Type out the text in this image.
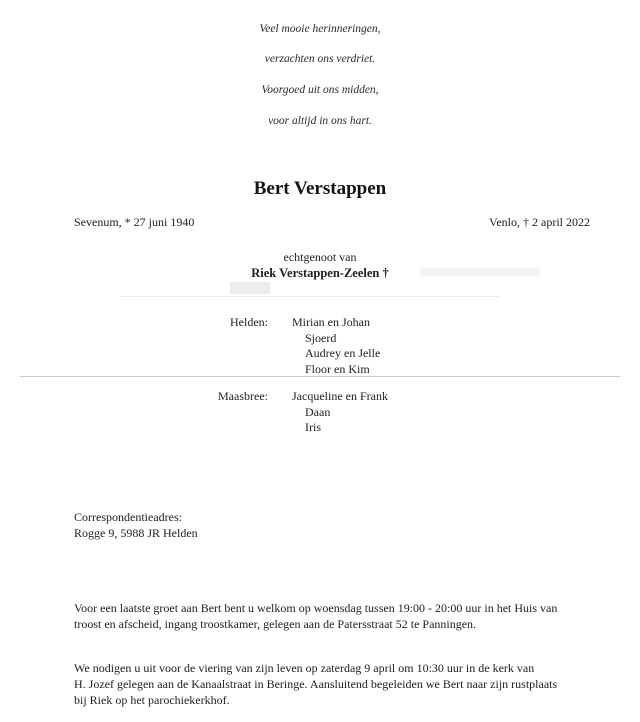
Veel mooie herinneringen,
verzachten ons verdriet.
Voorgoed uit ons midden,
voor altijd in ons hart.
Bert Verstappen
Sevenum, * 27 juni 1940	Venlo, † 2 april 2022
echtgenoot van
Riek Verstappen-Zeelen †
Helden: Mirian en Johan
Sjoerd
Audrey en Jelle
Floor en Kim
Maasbree: Jacqueline en Frank
Daan
Iris
Correspondentieadres:
Rogge 9, 5988 JR Helden
Voor een laatste groet aan Bert bent u welkom op woensdag tussen 19:00 - 20:00 uur in het Huis van
troost en afscheid, ingang troostkamer, gelegen aan de Patersstraat 52 te Panningen.
We nodigen u uit voor de viering van zijn leven op zaterdag 9 april om 10:30 uur in de kerk van
H. Jozef gelegen aan de Kanaalstraat in Beringe. Aansluitend begeleiden we Bert naar zijn rustplaats
bij Riek op het parochiekerkhof.
